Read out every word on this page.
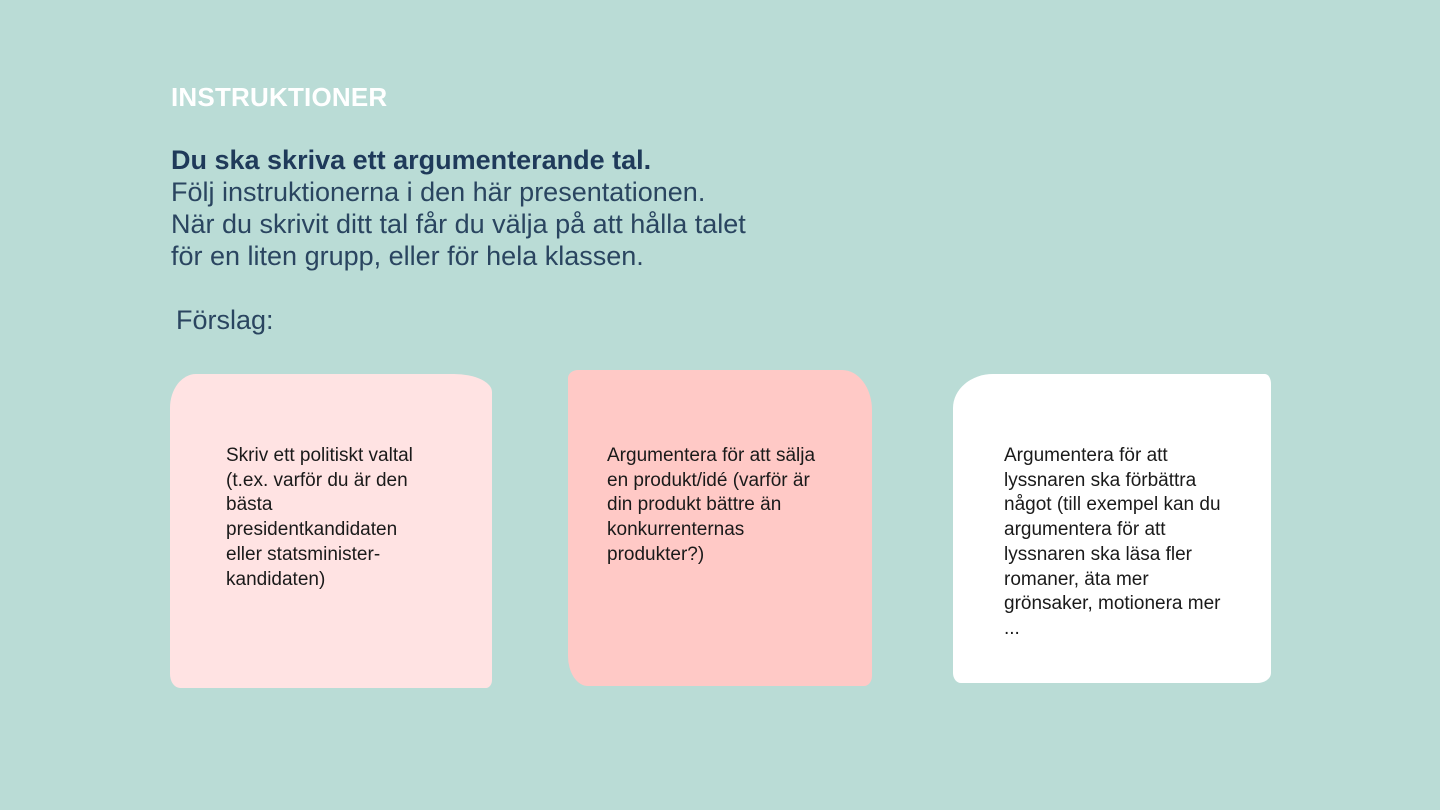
INSTRUKTIONER

Du ska skriva ett argumenterande tal.
Följ instruktionerna i den här presentationen.
När du skrivit ditt tal får du välja på att hålla talet
för en liten grupp, eller för hela klassen.

Förslag:

Skriv ett politiskt valtal (t.ex. varför du är den bästa presidentkandidaten eller statsminister-kandidaten)

Argumentera för att sälja en produkt/idé (varför är din produkt bättre än konkurrenternas produkter?)

Argumentera för att lyssnaren ska förbättra något (till exempel kan du argumentera för att lyssnaren ska läsa fler romaner, äta mer grönsaker, motionera mer ...
